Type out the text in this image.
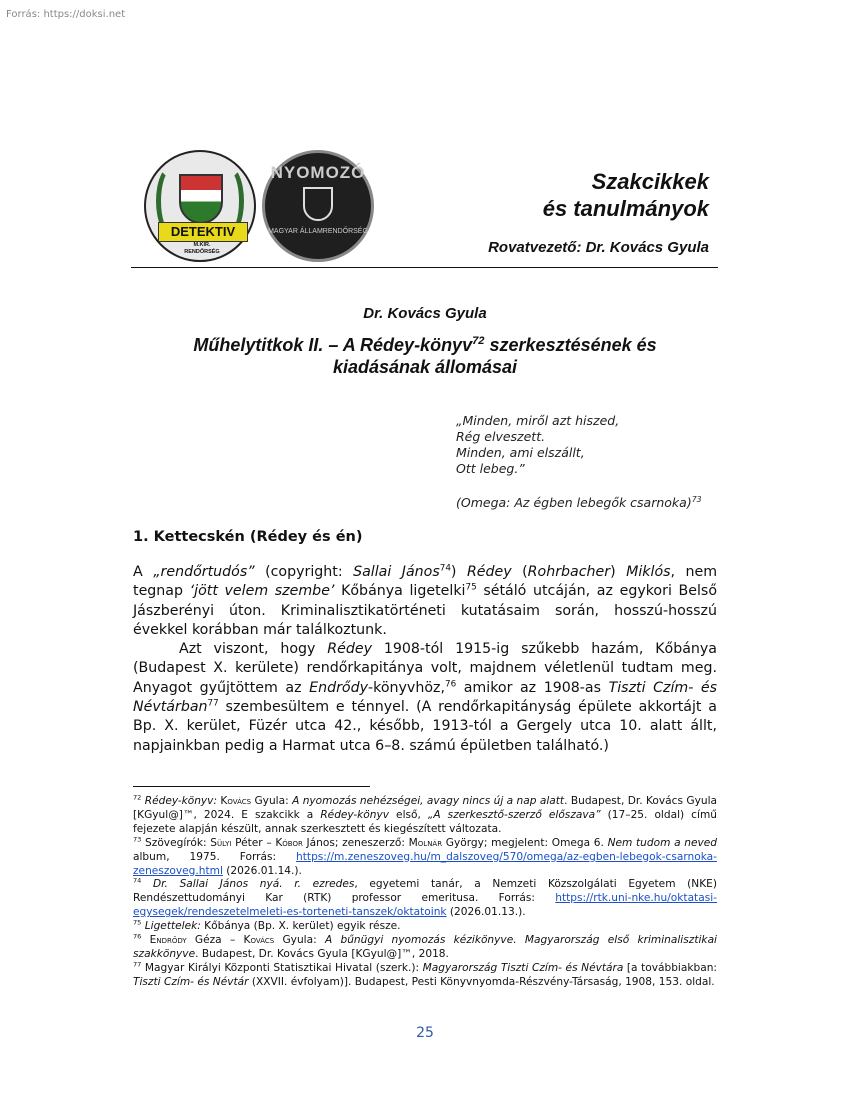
Forrás: https://doksi.net
DETEKTIV
M.KIR.
RENDŐRSÉG
NYOMOZÓ
MAGYAR ÁLLAMRENDŐRSÉG
Szakcikkek
és tanulmányok
Rovatvezető: Dr. Kovács Gyula
Dr. Kovács Gyula
Műhelytitkok II. – A Rédey-könyv$^{72}$ szerkesztésének és
kiadásának állomásai
„Minden, miről azt hiszed,
Rég elveszett.
Minden, ami elszállt,
Ott lebeg.”
(Omega: Az égben lebegők csarnoka)$^{73}$
1. Kettecskén (Rédey és én)

A „rendőrtudós” (copyright: Sallai János$^{74}$) Rédey (Rohrbacher) Miklós, nem tegnap ‘jött velem szembe’ Kőbánya ligetelki$^{75}$ sétáló utcáján, az egykori Belső Jászberényi úton. Kriminalisztikatörténeti kutatásaim során, hosszú-hosszú évekkel korábban már találkoztunk.

Azt viszont, hogy Rédey 1908-tól 1915-ig szűkebb hazám, Kőbánya (Budapest X. kerülete) rendőrkapitánya volt, majdnem véletlenül tudtam meg. Anyagot gyűjtöttem az Endrődy-könyvhöz,$^{76}$ amikor az 1908-as Tiszti Czím- és Névtárban$^{77}$ szembesültem e ténnyel. (A rendőrkapitányság épülete akkortájt a Bp. X. kerület, Füzér utca 42., később, 1913-tól a Gergely utca 10. alatt állt, napjainkban pedig a Harmat utca 6–8. számú épületben található.)

$^{72}$ Rédey-könyv: Kovács Gyula: A nyomozás nehézségei, avagy nincs új a nap alatt. Budapest, Dr. Kovács Gyula [KGyul@]™, 2024. E szakcikk a Rédey-könyv első, „A szerkesztő-szerző előszava” (17–25. oldal) című fejezete alapján készült, annak szerkesztett és kiegészített változata.

$^{73}$ Szövegírók: Sülyi Péter – Kóbor János; zeneszerző: Molnár György; megjelent: Omega 6. Nem tudom a neved album, 1975. Forrás: https://m.zeneszoveg.hu/m_dalszoveg/570/omega/az-egben-lebegok-csarnoka-zeneszoveg.html (2026.01.14.).

$^{74}$ Dr. Sallai János nyá. r. ezredes, egyetemi tanár, a Nemzeti Közszolgálati Egyetem (NKE) Rendészettudományi Kar (RTK) professor emeritusa. Forrás: https://rtk.uni-nke.hu/oktatasi-egysegek/rendeszetelmeleti-es-torteneti-tanszek/oktatoink (2026.01.13.).

$^{75}$ Ligettelek: Kőbánya (Bp. X. kerület) egyik része.

$^{76}$ Endrődy Géza – Kovács Gyula: A bűnügyi nyomozás kézikönyve. Magyarország első kriminalisztikai szakkönyve. Budapest, Dr. Kovács Gyula [KGyul@]™, 2018.

$^{77}$ Magyar Királyi Központi Statisztikai Hivatal (szerk.): Magyarország Tiszti Czím- és Névtára [a továbbiakban: Tiszti Czím- és Névtár (XXVII. évfolyam)]. Budapest, Pesti Könyvnyomda-Részvény-Társaság, 1908, 153. oldal.

25
